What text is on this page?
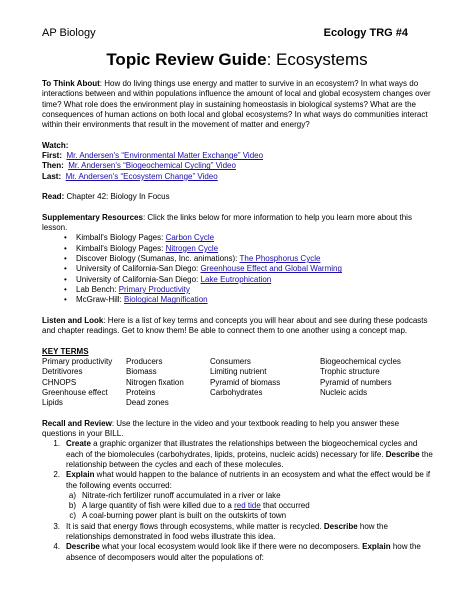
AP Biology	Ecology TRG #4
Topic Review Guide: Ecosystems

To Think About: How do living things use energy and matter to survive in an ecosystem? In what ways do interactions between and within populations influence the amount of local and global ecosystem changes over time? What role does the environment play in sustaining homeostasis in biological systems? What are the consequences of human actions on both local and global ecosystems? In what ways do communities interact within their environments that result in the movement of matter and energy?

Watch:
First: Mr. Andersen's “Environmental Matter Exchange” Video
Then: Mr. Andersen's “Biogeochemical Cycling” Video
Last: Mr. Andersen's “Ecosystem Change” Video

Read: Chapter 42: Biology In Focus

Supplementary Resources: Click the links below for more information to help you learn more about this lesson.

• Kimball's Biology Pages: Carbon Cycle
• Kimball's Biology Pages: Nitrogen Cycle
• Discover Biology (Sumanas, Inc. animations): The Phosphorus Cycle
• University of California-San Diego: Greenhouse Effect and Global Warming
• University of California-San Diego: Lake Eutrophication
• Lab Bench: Primary Productivity
• McGraw-Hill: Biological Magnification

Listen and Look: Here is a list of key terms and concepts you will hear about and see during these podcasts and chapter readings. Get to know them! Be able to connect them to one another using a concept map.

KEY TERMS
Primary productivity	Producers	Consumers	Biogeochemical cycles
Detritivores	Biomass	Limiting nutrient	Trophic structure
CHNOPS	Nitrogen fixation	Pyramid of biomass	Pyramid of numbers
Greenhouse effect	Proteins	Carbohydrates	Nucleic acids
Lipids	Dead zones

Recall and Review: Use the lecture in the video and your textbook reading to help you answer these questions in your BILL.

1. Create a graphic organizer that illustrates the relationships between the biogeochemical cycles and each of the biomolecules (carbohydrates, lipids, proteins, nucleic acids) necessary for life. Describe the relationship between the cycles and each of these molecules.
2. Explain what would happen to the balance of nutrients in an ecosystem and what the effect would be if the following events occurred:
a) Nitrate-rich fertilizer runoff accumulated in a river or lake
b) A large quantity of fish were killed due to a red tide that occurred
c) A coal-burning power plant is built on the outskirts of town
3. It is said that energy flows through ecosystems, while matter is recycled. Describe how the relationships demonstrated in food webs illustrate this idea.
4. Describe what your local ecosystem would look like if there were no decomposers. Explain how the absence of decomposers would alter the populations of:
